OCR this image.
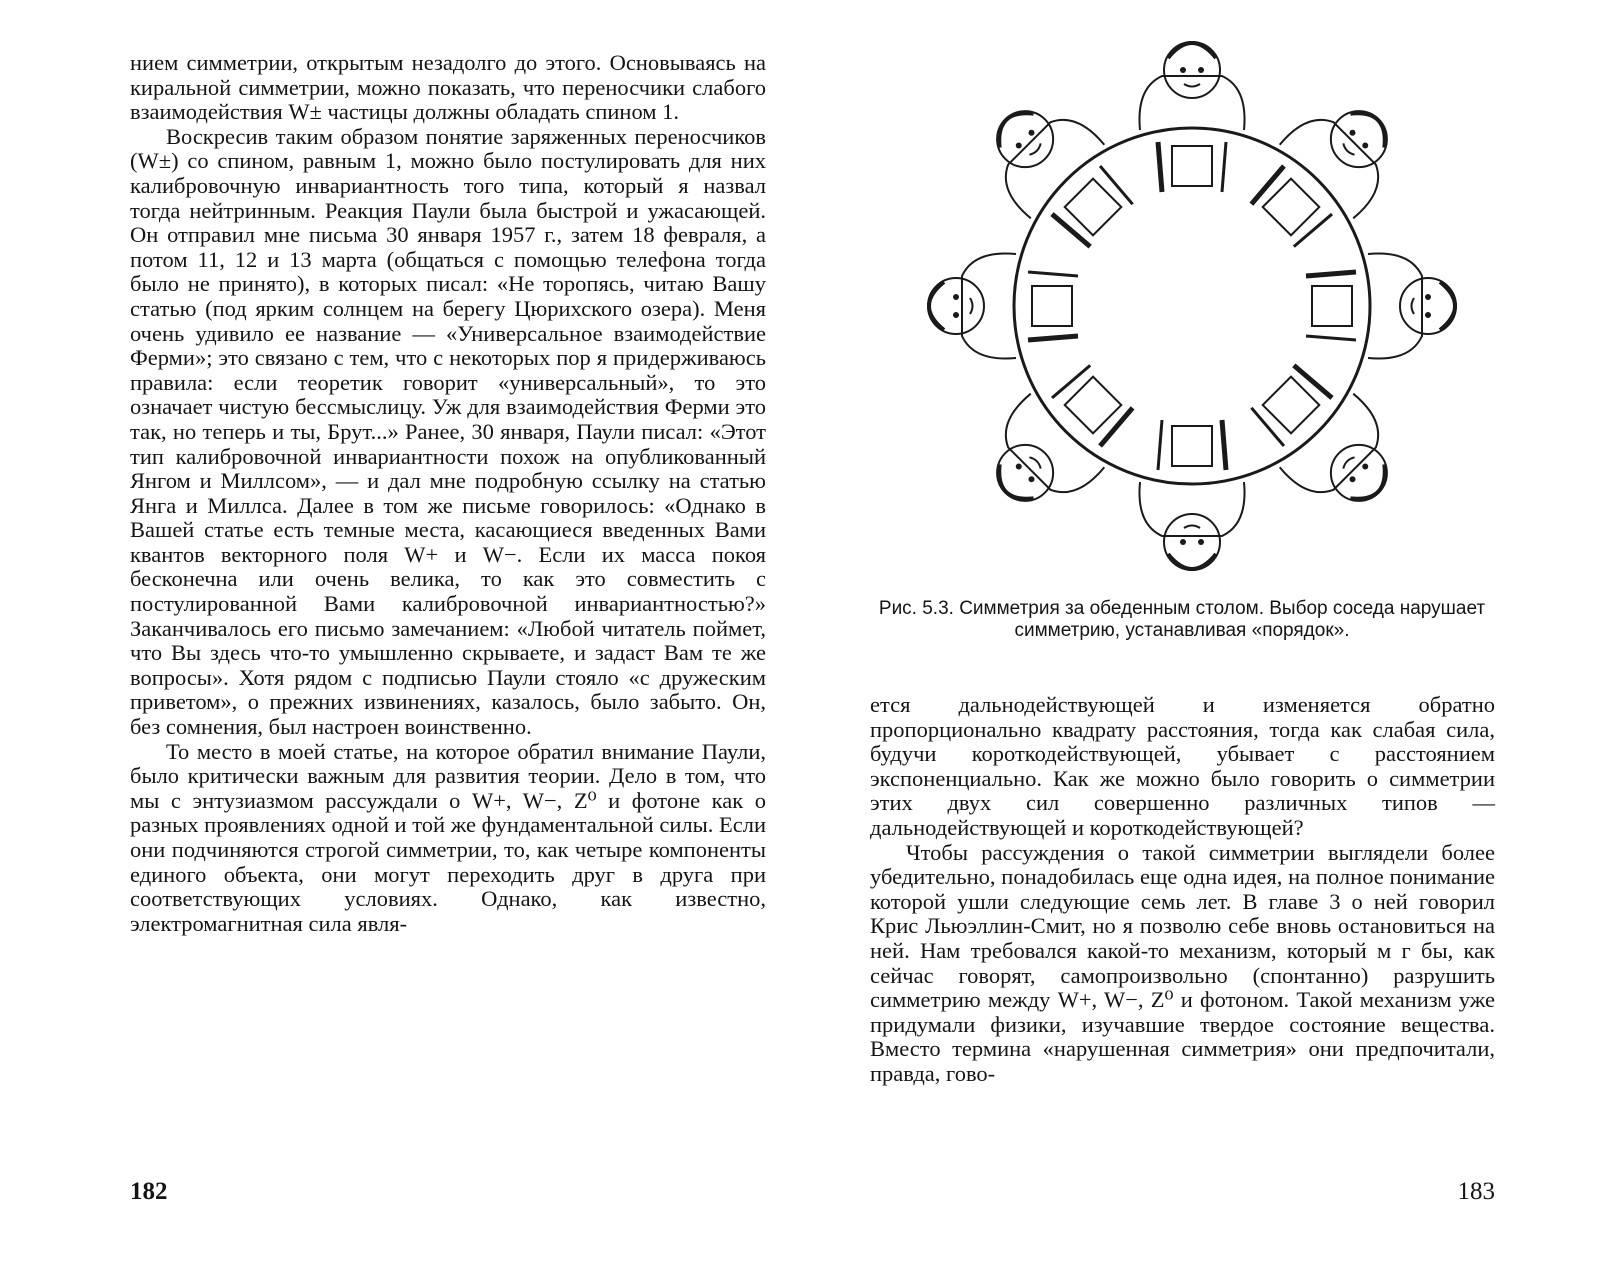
нием симметрии, открытым незадолго до этого. Основываясь на киральной симметрии, можно показать, что переносчики слабого взаимодействия W± частицы должны обладать спином 1.

Воскресив таким образом понятие заряженных переносчиков (W±) со спином, равным 1, можно было постулировать для них калибровочную инвариантность того типа, который я назвал тогда нейтринным. Реакция Паули была быстрой и ужасающей. Он отправил мне письма 30 января 1957 г., затем 18 февраля, а потом 11, 12 и 13 марта (общаться с помощью телефона тогда было не принято), в которых писал: «Не торопясь, читаю Вашу статью (под ярким солнцем на берегу Цюрихского озера). Меня очень удивило ее название — «Универсальное взаимодействие Ферми»; это связано с тем, что с некоторых пор я придерживаюсь правила: если теоретик говорит «универсальный», то это означает чистую бессмыслицу. Уж для взаимодействия Ферми это так, но теперь и ты, Брут...» Ранее, 30 января, Паули писал: «Этот тип калибровочной инвариантности похож на опубликованный Янгом и Миллсом», — и дал мне подробную ссылку на статью Янга и Миллса. Далее в том же письме говорилось: «Однако в Вашей статье есть темные места, касающиеся введенных Вами квантов векторного поля W+ и W−. Если их масса покоя бесконечна или очень велика, то как это совместить с постулированной Вами калибровочной инвариантностью?» Заканчивалось его письмо замечанием: «Любой читатель поймет, что Вы здесь что-то умышленно скрываете, и задаст Вам те же вопросы». Хотя рядом с подписью Паули стояло «с дружеским приветом», о прежних извинениях, казалось, было забыто. Он, без сомнения, был настроен воинственно.

То место в моей статье, на которое обратил внимание Паули, было критически важным для развития теории. Дело в том, что мы с энтузиазмом рассуждали о W+, W−, Z⁰ и фотоне как о разных проявлениях одной и той же фундаментальной силы. Если они подчиняются строгой симметрии, то, как четыре компоненты единого объекта, они могут переходить друг в друга при соответствующих условиях. Однако, как известно, электромагнитная сила явля-

182
Рис. 5.3. Симметрия за обеденным столом. Выбор соседа нарушает симметрию, устанавливая «порядок».

ется дальнодействующей и изменяется обратно пропорционально квадрату расстояния, тогда как слабая сила, будучи короткодействующей, убывает с расстоянием экспоненциально. Как же можно было говорить о симметрии этих двух сил совершенно различных типов — дальнодействующей и короткодействующей?

Чтобы рассуждения о такой симметрии выглядели более убедительно, понадобилась еще одна идея, на полное понимание которой ушли следующие семь лет. В главе 3 о ней говорил Крис Льюэллин-Смит, но я позволю себе вновь остановиться на ней. Нам требовался какой-то механизм, который м г бы, как сейчас говорят, самопроизвольно (спонтанно) разрушить симметрию между W+, W−, Z⁰ и фотоном. Такой механизм уже придумали физики, изучавшие твердое состояние вещества. Вместо термина «нарушенная симметрия» они предпочитали, правда, гово-

183
